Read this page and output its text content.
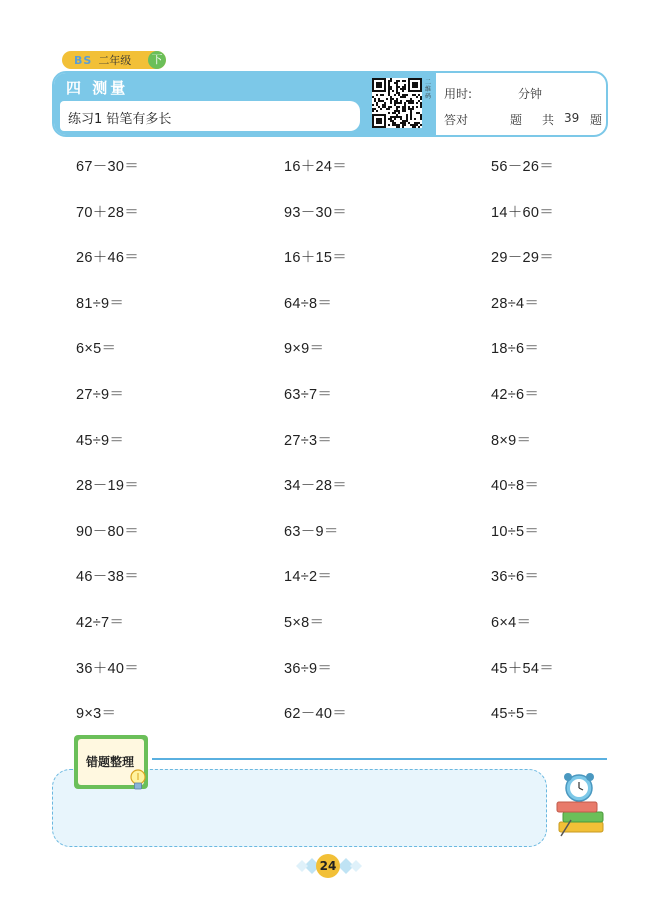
BS 二年级	下
四 测量
练习1 铅笔有多长
二维码	用时:	分钟
答对	题 共 39 题
67－30＝	16＋24＝	56－26＝
70＋28＝	93－30＝	14＋60＝
26＋46＝	16＋15＝	29－29＝
81÷9＝	64÷8＝	28÷4＝
6×5＝	9×9＝	18÷6＝
27÷9＝	63÷7＝	42÷6＝
45÷9＝	27÷3＝	8×9＝
28－19＝	34－28＝	40÷8＝
90－80＝	63－9＝	10÷5＝
46－38＝	14÷2＝	36÷6＝
42÷7＝	5×8＝	6×4＝
36＋40＝	36÷9＝	45＋54＝
9×3＝	62－40＝	45÷5＝
错题整理
24
